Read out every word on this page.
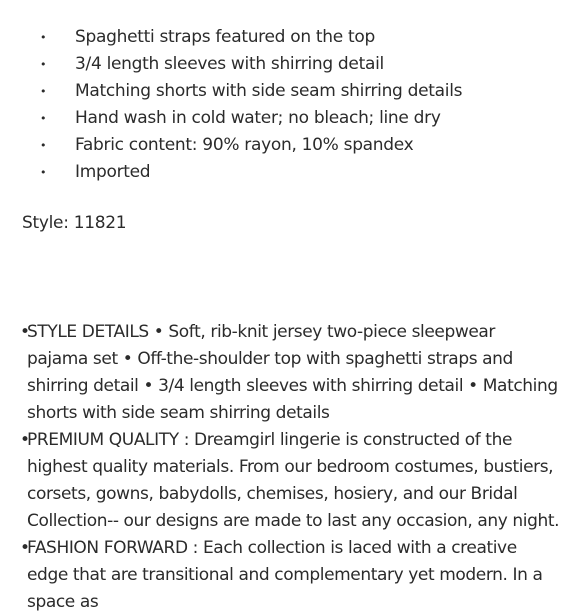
• Spaghetti straps featured on the top
• 3/4 length sleeves with shirring detail
• Matching shorts with side seam shirring details
• Hand wash in cold water; no bleach; line dry
• Fabric content: 90% rayon, 10% spandex
• Imported

Style: 11821

•
STYLE DETAILS • Soft, rib-knit jersey two-piece sleepwear pajama set • Off-the-shoulder top with spaghetti straps and shirring detail • 3/4 length sleeves with shirring detail • Matching shorts with side seam shirring details

•
PREMIUM QUALITY : Dreamgirl lingerie is constructed of the highest quality materials. From our bedroom costumes, bustiers, corsets, gowns, babydolls, chemises, hosiery, and our Bridal Collection-- our designs are made to last any occasion, any night.

•
FASHION FORWARD : Each collection is laced with a creative edge that are transitional and complementary yet modern. In a space as
